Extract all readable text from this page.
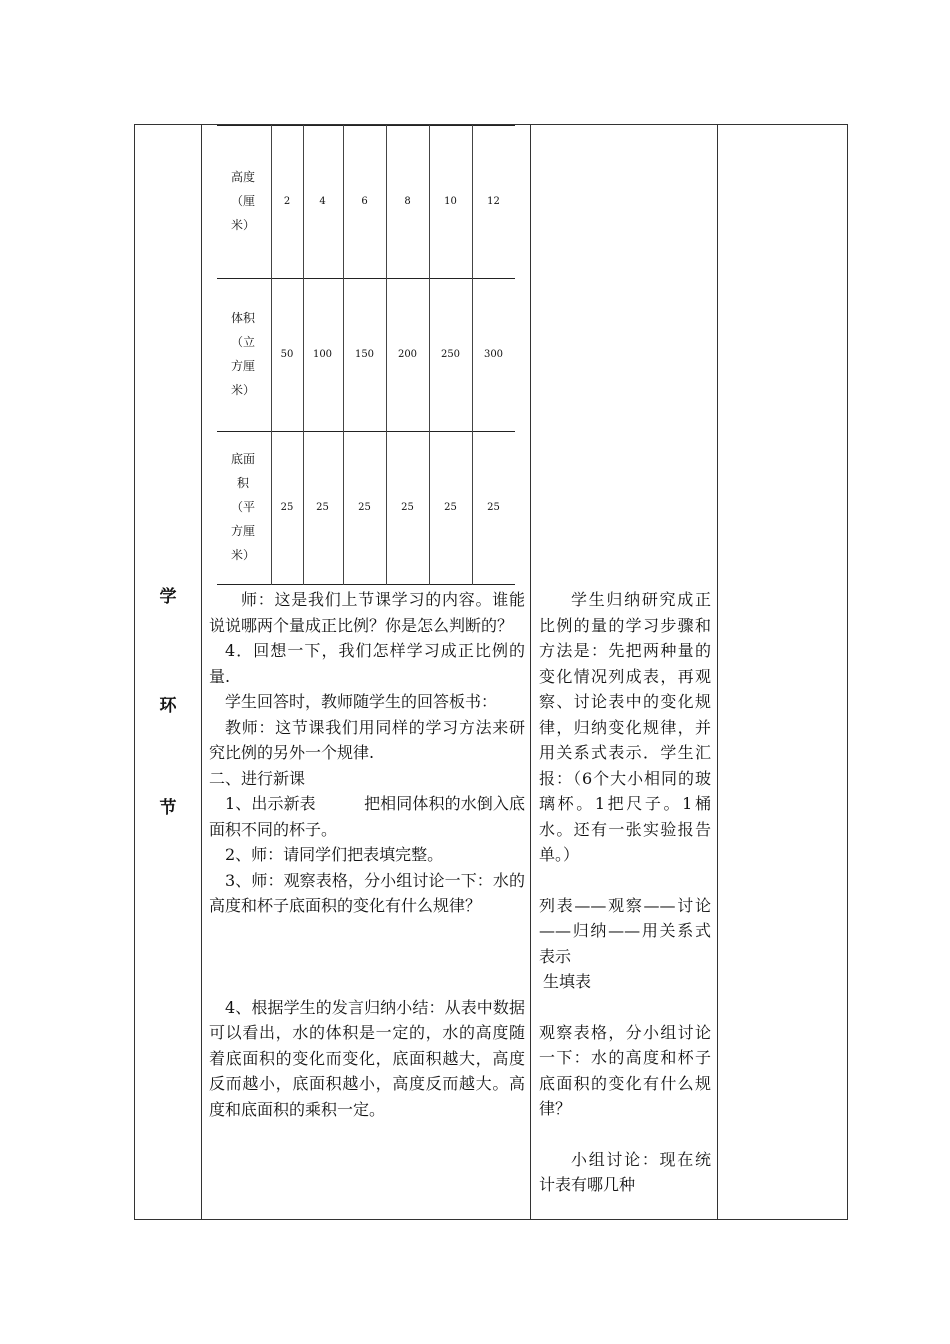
学
环
节
高度
（厘
米）
2	4	6	8	10	12
体积
（立
方厘
米）
50	100	150	200	250	300
底面
积
（平
方厘
米）
25	25	25	25	25	25

师：这是我们上节课学习的内容。谁能说说哪两个量成正比例？你是怎么判断的？

4．回想一下，我们怎样学习成正比例的量.

学生回答时，教师随学生的回答板书：

教师：这节课我们用同样的学习方法来研究比例的另外一个规律.

二、进行新课

1、出示新表　　　把相同体积的水倒入底面积不同的杯子。

2、师：请同学们把表填完整。

3、师：观察表格，分小组讨论一下：水的高度和杯子底面积的变化有什么规律？

4、根据学生的发言归纳小结：从表中数据可以看出，水的体积是一定的，水的高度随着底面积的变化而变化，底面积越大，高度反而越小，底面积越小，高度反而越大。高度和底面积的乘积一定。

学生归纳研究成正比例的量的学习步骤和方法是：先把两种量的变化情况列成表，再观察、讨论表中的变化规律，归纳变化规律，并用关系式表示．学生汇报：（6个大小相同的玻璃杯。1把尺子。1桶水。还有一张实验报告单。）

列表——观察——讨论——归纳——用关系式表示

生填表

观察表格，分小组讨论一下：水的高度和杯子底面积的变化有什么规律？

小组讨论：现在统计表有哪几种
